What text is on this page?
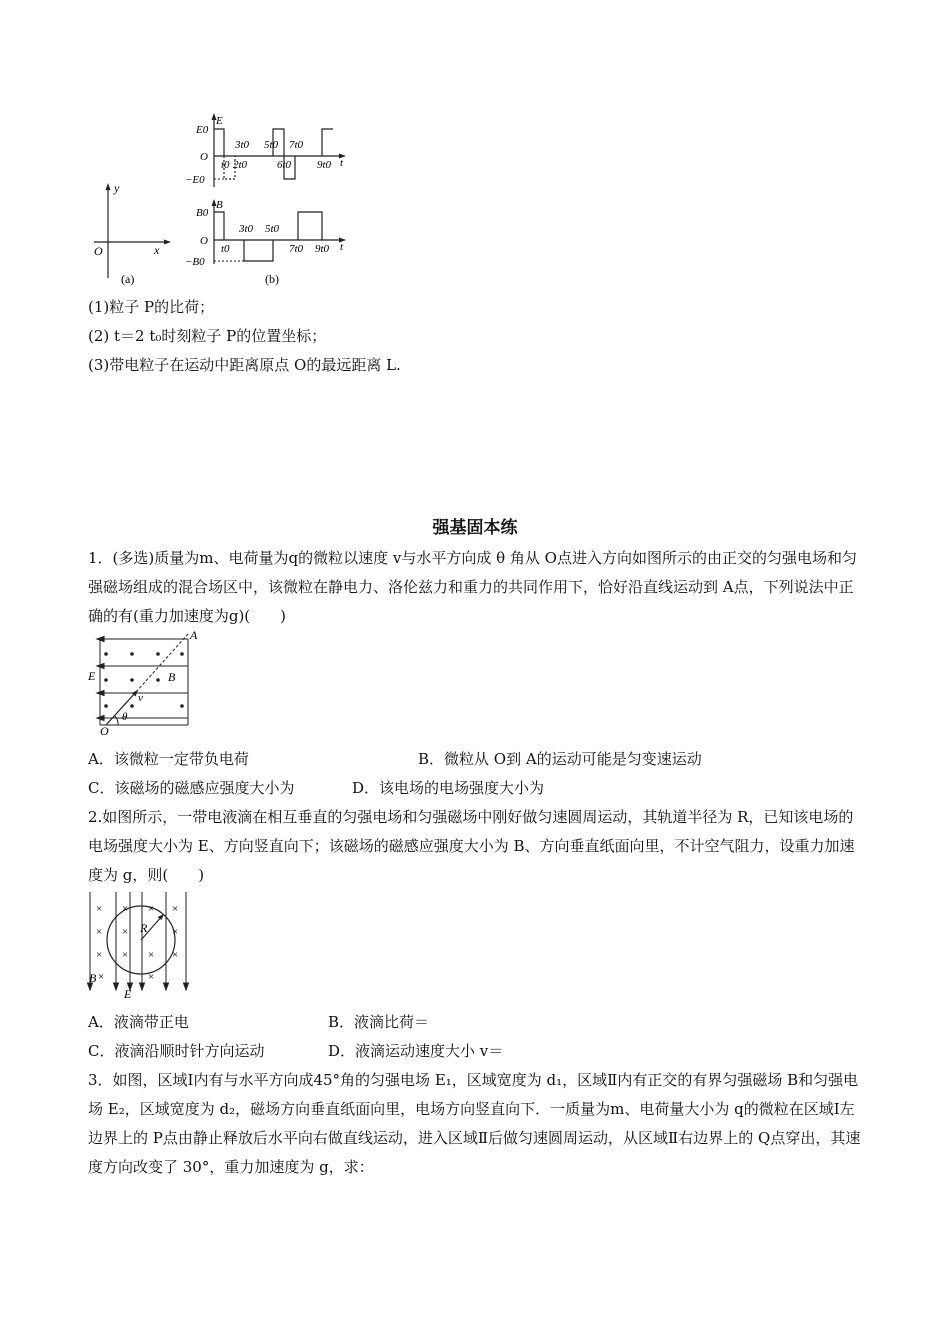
y
x
O
(a)
E0
E
O
−E0
t
t0 2t0
3t0 5t0
6t0
7t0
9t0
B0
B
O
−B0
t
t0
3t0 5t0
7t0 9t0
(b)
(1)粒子 P的比荷；
(2) t＝2 t₀时刻粒子 P的位置坐标；
(3)带电粒子在运动中距离原点 O的最远距离 L.
强基固本练
1．(多选)质量为m、电荷量为q的微粒以速度 v与水平方向成 θ 角从 O点进入方向如图所示的由正交的匀强电场和匀强磁场组成的混合场区中，该微粒在静电力、洛伦兹力和重力的共同作用下，恰好沿直线运动到 A点，下列说法中正确的有(重力加速度为g)(　　)
A
E	B
v
θ
O
A．该微粒一定带负电荷	B．微粒从 O到 A的运动可能是匀变速运动
C．该磁场的磁感应强度大小为	D．该电场的电场强度大小为
2.如图所示，一带电液滴在相互垂直的匀强电场和匀强磁场中刚好做匀速圆周运动，其轨道半径为 R，已知该电场的电场强度大小为 E、方向竖直向下；该磁场的磁感应强度大小为 B、方向垂直纸面向里，不计空气阻力，设重力加速度为 g，则(　　)
× × × ×
× ×	×
× × × ×
×	×
R
B
E
A．液滴带正电	B．液滴比荷＝
C．液滴沿顺时针方向运动	D．液滴运动速度大小 v＝
3．如图，区域Ⅰ内有与水平方向成45°角的匀强电场 E₁，区域宽度为 d₁，区域Ⅱ内有正交的有界匀强磁场 B和匀强电场 E₂，区域宽度为 d₂，磁场方向垂直纸面向里，电场方向竖直向下．一质量为m、电荷量大小为 q的微粒在区域Ⅰ左边界上的 P点由静止释放后水平向右做直线运动，进入区域Ⅱ后做匀速圆周运动，从区域Ⅱ右边界上的 Q点穿出，其速度方向改变了 30°，重力加速度为 g，求：
